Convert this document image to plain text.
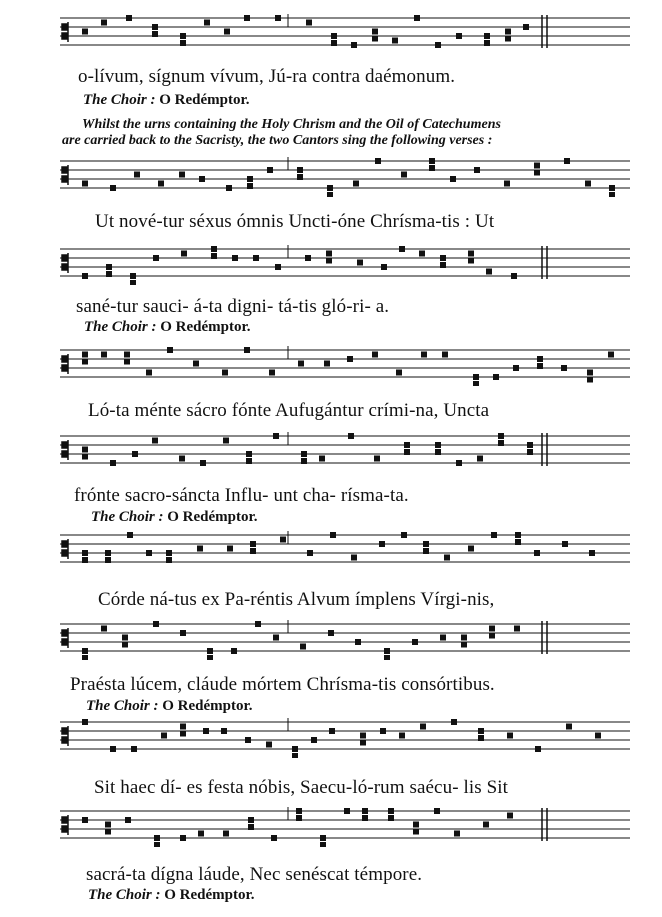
o-lívum, sígnum vívum, Jú-ra contra daémonum.
The Choir : O Redémptor.
Whilst the urns containing the Holy Chrism and the Oil of Catechumens
are carried back to the Sacristy, the two Cantors sing the following verses :
Ut nové-tur séxus ómnis Uncti-óne Chrísma-tis : Ut
sané-tur sauci- á-ta digni- tá-tis gló-ri- a.
The Choir : O Redémptor.
Ló-ta ménte sácro fónte Aufugántur crími-na, Uncta
frónte sacro-sáncta Influ- unt cha- rísma-ta.
The Choir : O Redémptor.
Córde ná-tus ex Pa-réntis Alvum ímplens Vírgi-nis,
Praésta lúcem, cláude mórtem Chrísma-tis consórtibus.
The Choir : O Redémptor.
Sit haec dí- es festa nóbis, Saecu-ló-rum saécu- lis Sit
sacrá-ta dígna láude, Nec senéscat témpore.
The Choir : O Redémptor.
